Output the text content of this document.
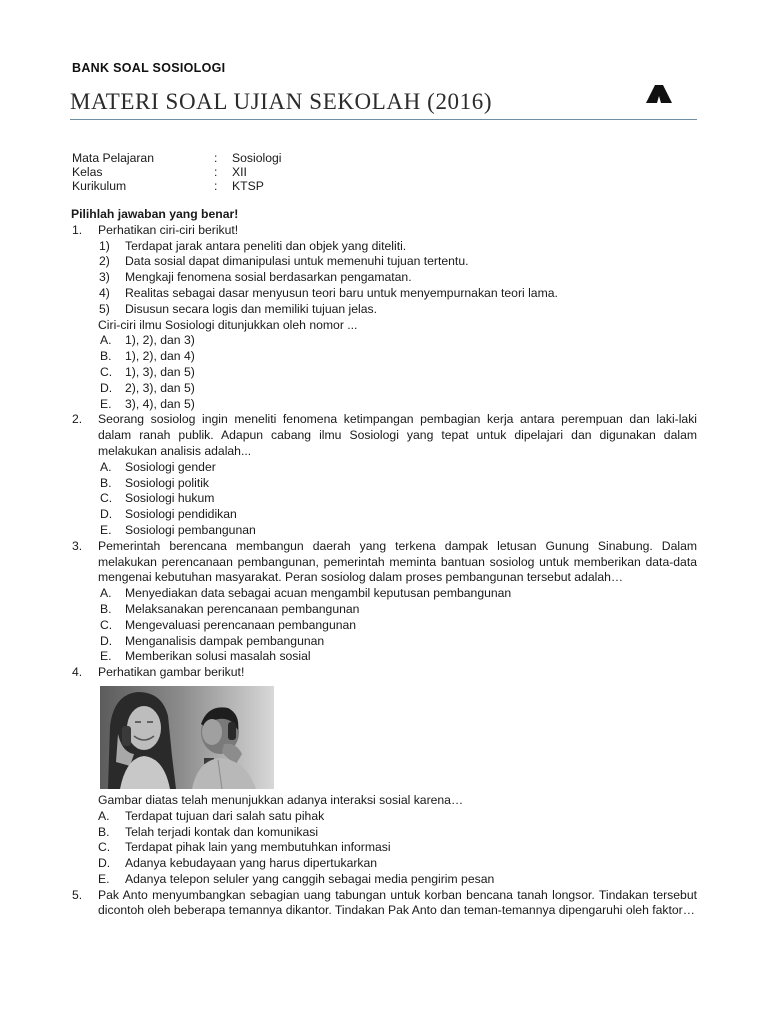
BANK SOAL SOSIOLOGI
MATERI SOAL UJIAN SEKOLAH (2016)
Mata Pelajaran	:	Sosiologi
Kelas	:	XII
Kurikulum	:	KTSP
Pilihlah jawaban yang benar!
1.	Perhatikan ciri-ciri berikut!
1)	Terdapat jarak antara peneliti dan objek yang diteliti.
2)	Data sosial dapat dimanipulasi untuk memenuhi tujuan tertentu.
3)	Mengkaji fenomena sosial berdasarkan pengamatan.
4)	Realitas sebagai dasar menyusun teori baru untuk menyempurnakan teori lama.
5)	Disusun secara logis dan memiliki tujuan jelas.
Ciri-ciri ilmu Sosiologi ditunjukkan oleh nomor ...
A.	1), 2), dan 3)
B.	1), 2), dan 4)
C.	1), 3), dan 5)
D.	2), 3), dan 5)
E.	3), 4), dan 5)
2.	Seorang sosiolog ingin meneliti fenomena ketimpangan pembagian kerja antara perempuan dan laki-laki dalam ranah publik. Adapun cabang ilmu Sosiologi yang tepat untuk dipelajari dan digunakan dalam melakukan analisis adalah...
A.	Sosiologi gender
B.	Sosiologi politik
C.	Sosiologi hukum
D.	Sosiologi pendidikan
E.	Sosiologi pembangunan
3.	Pemerintah berencana membangun daerah yang terkena dampak letusan Gunung Sinabung. Dalam melakukan perencanaan pembangunan, pemerintah meminta bantuan sosiolog untuk memberikan data-data mengenai kebutuhan masyarakat. Peran sosiolog dalam proses pembangunan tersebut adalah…
A.	Menyediakan data sebagai acuan mengambil keputusan pembangunan
B.	Melaksanakan perencanaan pembangunan
C.	Mengevaluasi perencanaan pembangunan
D.	Menganalisis dampak pembangunan
E.	Memberikan solusi masalah sosial
4.	Perhatikan gambar berikut!
Gambar diatas telah menunjukkan adanya interaksi sosial karena…
A.	Terdapat tujuan dari salah satu pihak
B.	Telah terjadi kontak dan komunikasi
C.	Terdapat pihak lain yang membutuhkan informasi
D.	Adanya kebudayaan yang harus dipertukarkan
E.	Adanya telepon seluler yang canggih sebagai media pengirim pesan
5.	Pak Anto menyumbangkan sebagian uang tabungan untuk korban bencana tanah longsor. Tindakan tersebut dicontoh oleh beberapa temannya dikantor. Tindakan Pak Anto dan teman-temannya dipengaruhi oleh faktor…
